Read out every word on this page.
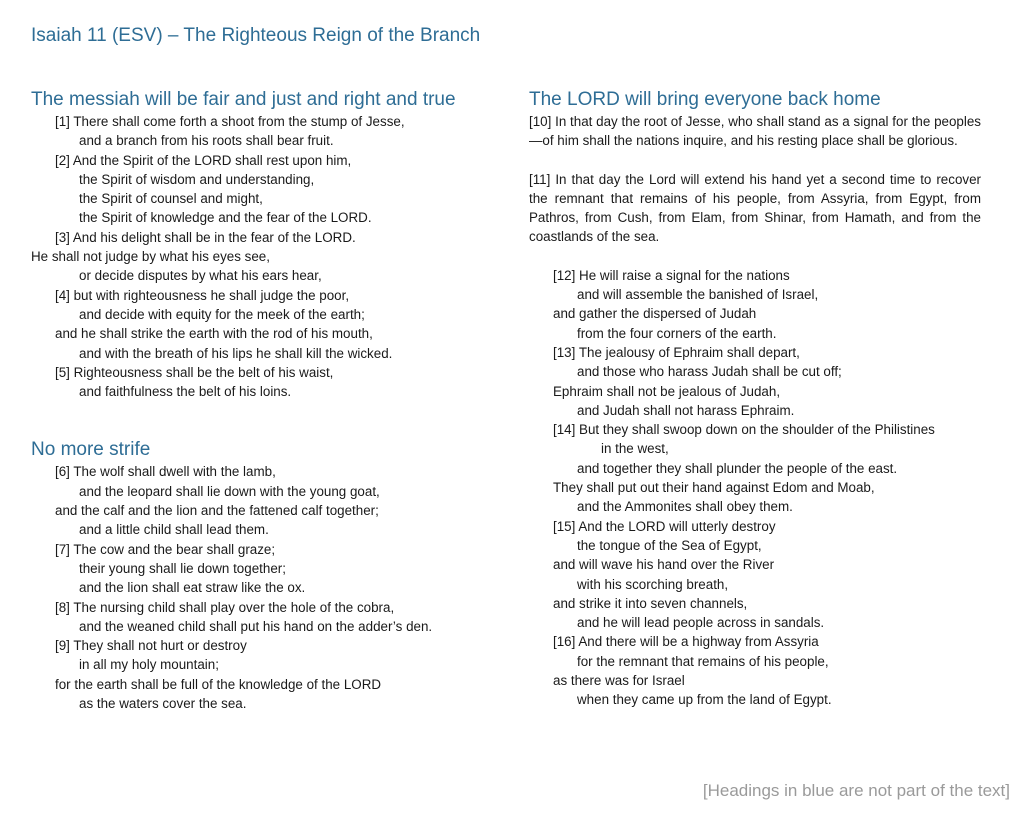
Isaiah 11 (ESV) – The Righteous Reign of the Branch
The messiah will be fair and just and right and true
[1] There shall come forth a shoot from the stump of Jesse,
and a branch from his roots shall bear fruit.
[2] And the Spirit of the LORD shall rest upon him,
the Spirit of wisdom and understanding,
the Spirit of counsel and might,
the Spirit of knowledge and the fear of the LORD.
[3] And his delight shall be in the fear of the LORD.
He shall not judge by what his eyes see,
or decide disputes by what his ears hear,
[4] but with righteousness he shall judge the poor,
and decide with equity for the meek of the earth;
and he shall strike the earth with the rod of his mouth,
and with the breath of his lips he shall kill the wicked.
[5] Righteousness shall be the belt of his waist,
and faithfulness the belt of his loins.
No more strife
[6] The wolf shall dwell with the lamb,
and the leopard shall lie down with the young goat,
and the calf and the lion and the fattened calf together;
and a little child shall lead them.
[7] The cow and the bear shall graze;
their young shall lie down together;
and the lion shall eat straw like the ox.
[8] The nursing child shall play over the hole of the cobra,
and the weaned child shall put his hand on the adder’s den.
[9] They shall not hurt or destroy
in all my holy mountain;
for the earth shall be full of the knowledge of the LORD
as the waters cover the sea.
The LORD will bring everyone back home

[10] In that day the root of Jesse, who shall stand as a signal for the peoples—of him shall the nations inquire, and his resting place shall be glorious.

[11] In that day the Lord will extend his hand yet a second time to recover the remnant that remains of his people, from Assyria, from Egypt, from Pathros, from Cush, from Elam, from Shinar, from Hamath, and from the coastlands of the sea.

[12] He will raise a signal for the nations
and will assemble the banished of Israel,
and gather the dispersed of Judah
from the four corners of the earth.
[13] The jealousy of Ephraim shall depart,
and those who harass Judah shall be cut off;
Ephraim shall not be jealous of Judah,
and Judah shall not harass Ephraim.
[14] But they shall swoop down on the shoulder of the Philistines
in the west,
and together they shall plunder the people of the east.
They shall put out their hand against Edom and Moab,
and the Ammonites shall obey them.
[15] And the LORD will utterly destroy
the tongue of the Sea of Egypt,
and will wave his hand over the River
with his scorching breath,
and strike it into seven channels,
and he will lead people across in sandals.
[16] And there will be a highway from Assyria
for the remnant that remains of his people,
as there was for Israel
when they came up from the land of Egypt.
[Headings in blue are not part of the text]
